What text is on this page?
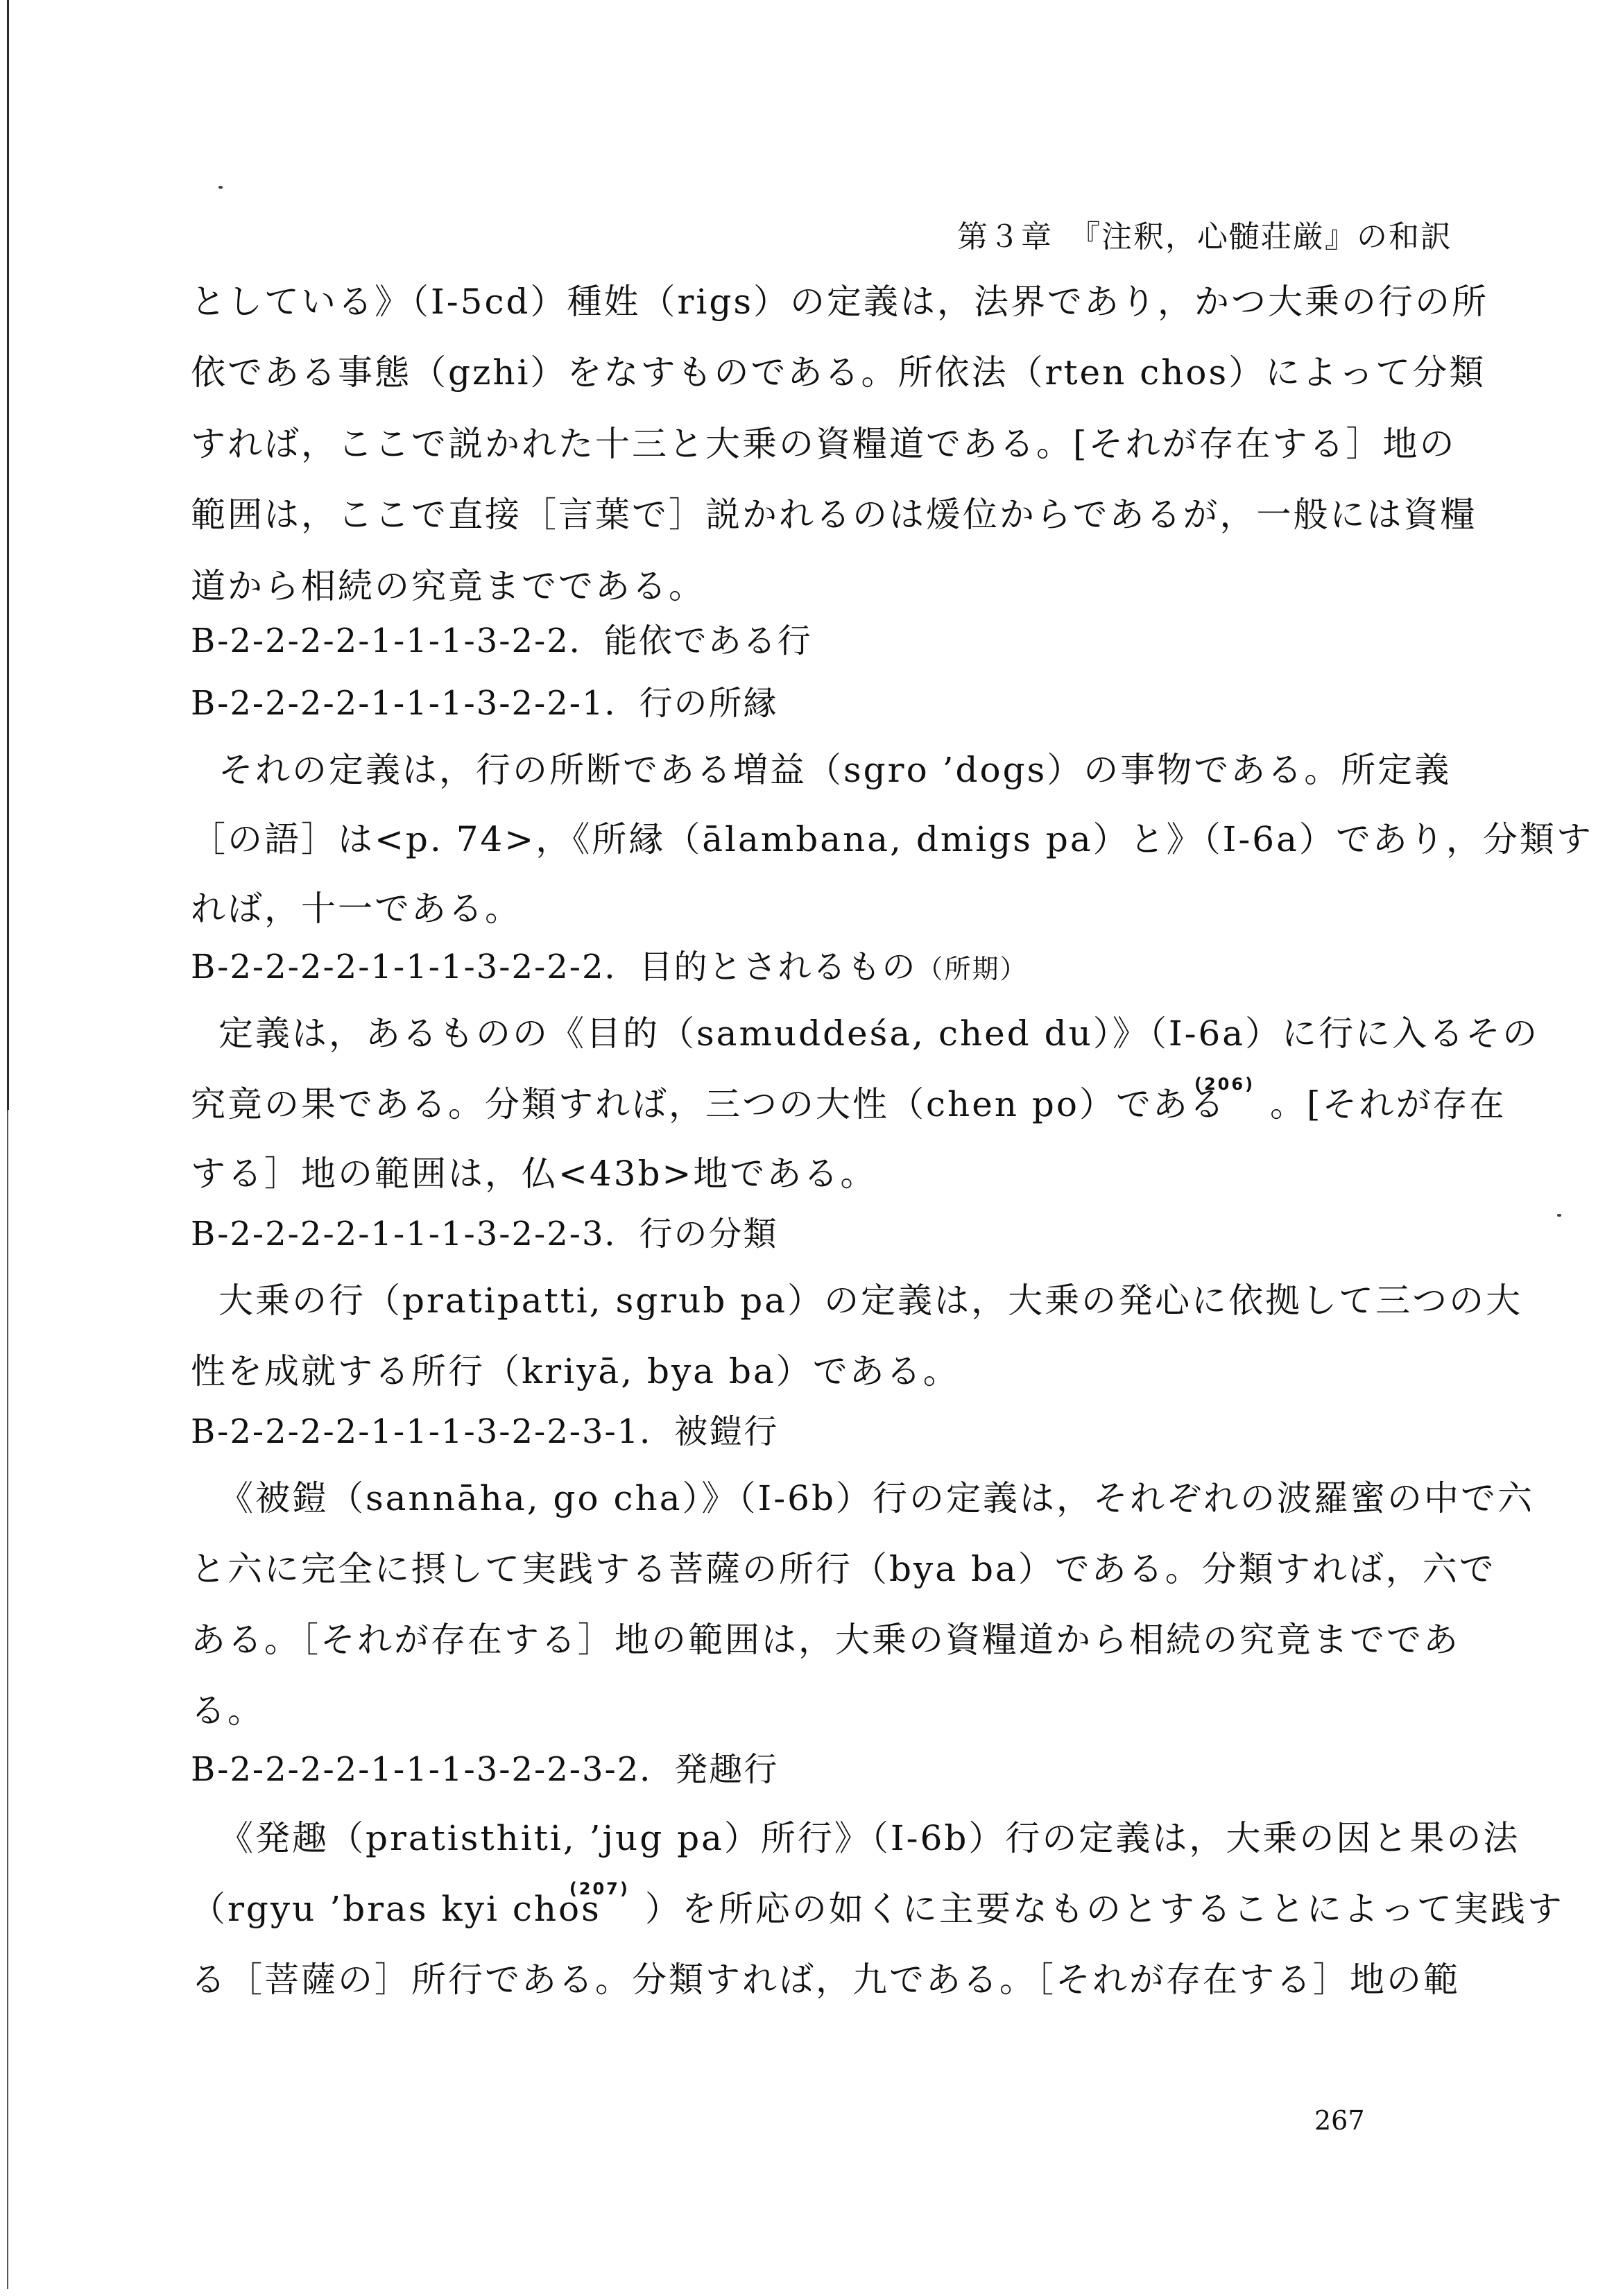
第３章　『注釈，心髄荘厳』の和訳
としている》（I-5cd）種姓（rigs）の定義は，法界であり，かつ大乗の行の所
依である事態（gzhi）をなすものである。所依法（rten chos）によって分類
すれば，ここで説かれた十三と大乗の資糧道である。[それが存在する］地の
範囲は，ここで直接［言葉で］説かれるのは煖位からであるが，一般には資糧
道から相続の究竟までである。
B-2-2-2-2-1-1-1-3-2-2．能依である行
B-2-2-2-2-1-1-1-3-2-2-1．行の所縁
それの定義は，行の所断である増益（sgro ’dogs）の事物である。所定義
［の語］は<p. 74>，《所縁（ālambana, dmigs pa）と》（I-6a）であり，分類す
れば，十一である。
B-2-2-2-2-1-1-1-3-2-2-2．目的とされるもの（所期）
定義は，あるものの《目的（samuddeśa, ched du）》（I-6a）に行に入るその
究竟の果である。分類すれば，三つの大性（chen po）である$^{(206)}$ 。[それが存在
する］地の範囲は，仏<43b>地である。
B-2-2-2-2-1-1-1-3-2-2-3．行の分類
大乗の行（pratipatti, sgrub pa）の定義は，大乗の発心に依拠して三つの大
性を成就する所行（kriyā, bya ba）である。
B-2-2-2-2-1-1-1-3-2-2-3-1．被鎧行
《被鎧（sannāha, go cha）》（I-6b）行の定義は，それぞれの波羅蜜の中で六
と六に完全に摂して実践する菩薩の所行（bya ba）である。分類すれば，六で
ある。［それが存在する］地の範囲は，大乗の資糧道から相続の究竟までであ
る。
B-2-2-2-2-1-1-1-3-2-2-3-2．発趣行
《発趣（pratisthiti, ’jug pa）所行》（I-6b）行の定義は，大乗の因と果の法
（rgyu ’bras kyi chos$^{(207)}$ ）を所応の如くに主要なものとすることによって実践す
る［菩薩の］所行である。分類すれば，九である。［それが存在する］地の範
267
